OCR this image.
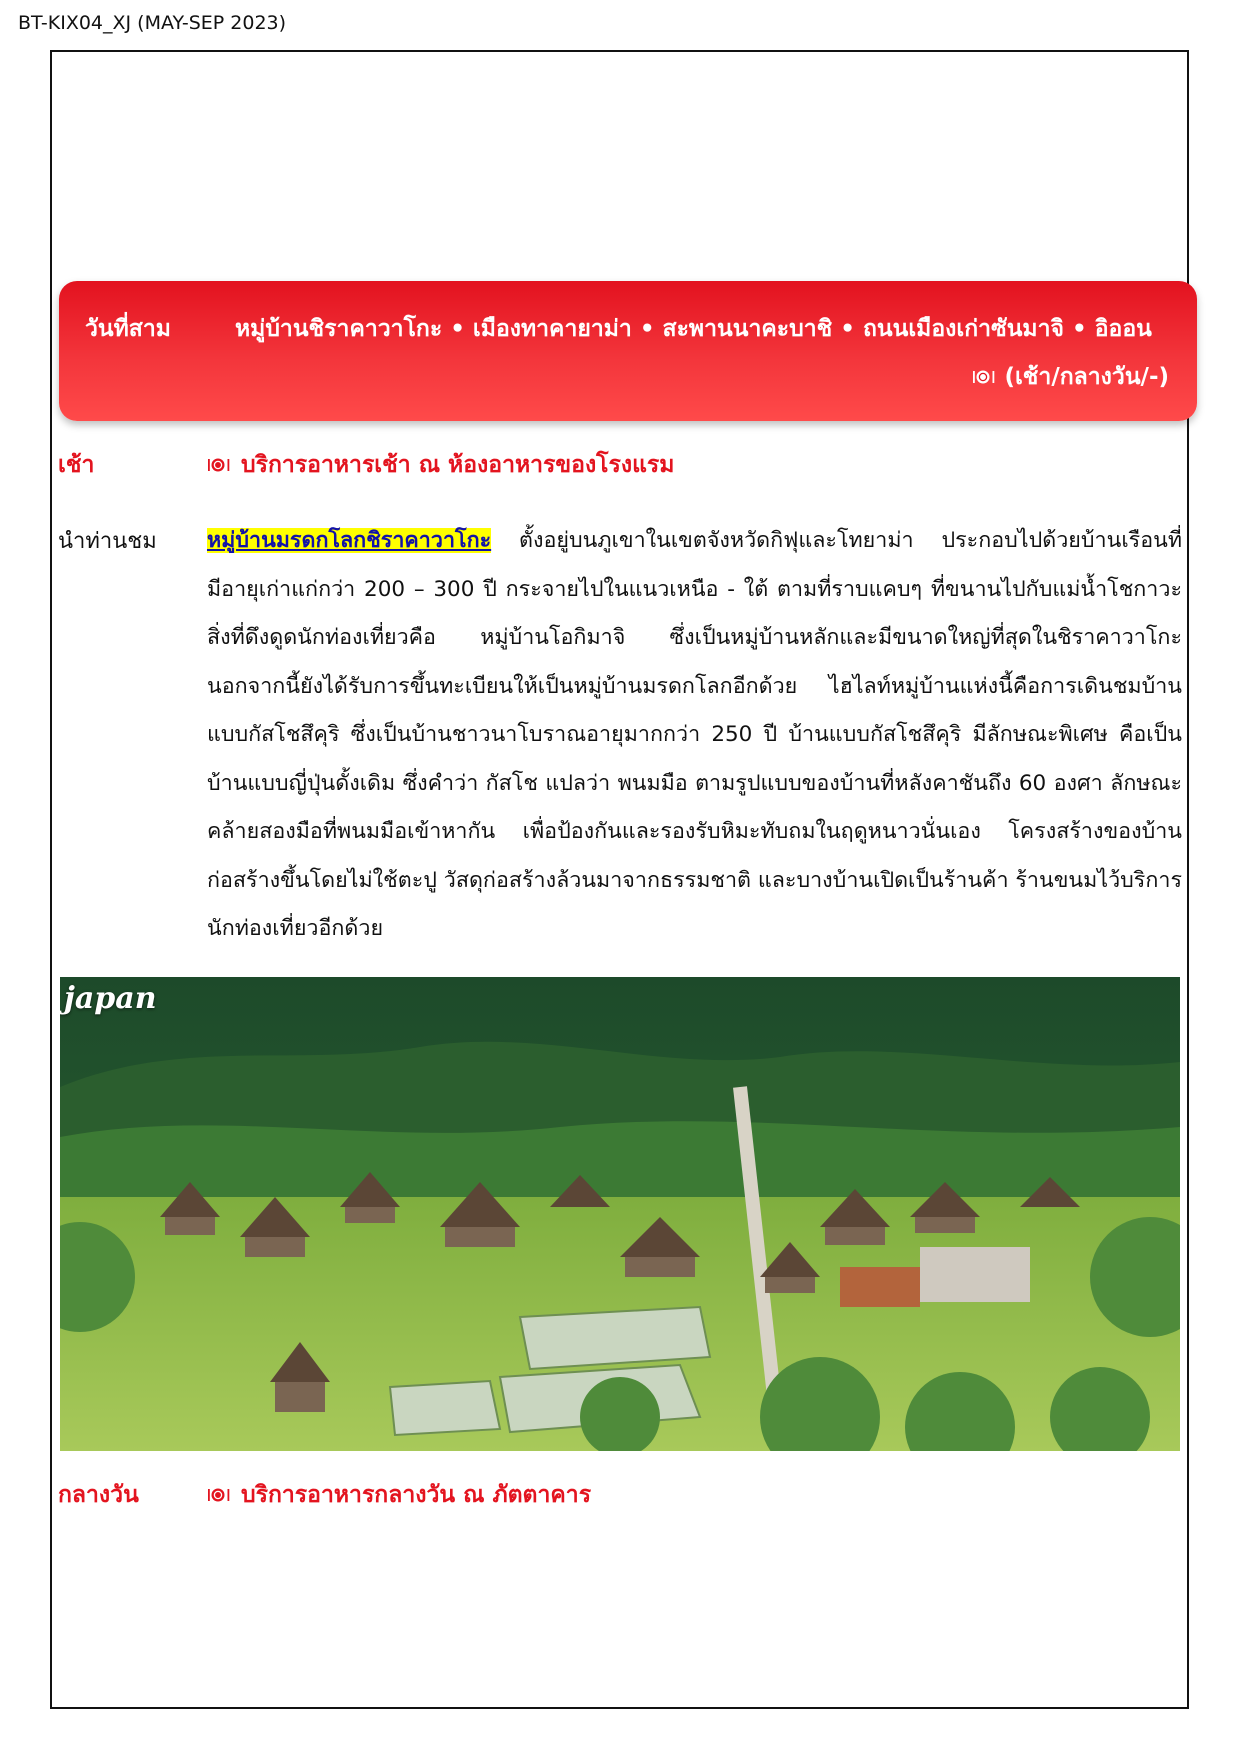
BT-KIX04_XJ (MAY-SEP 2023)
วันที่สาม	หมู่บ้านชิราคาวาโกะ • เมืองทาคายาม่า • สะพานนาคะบาชิ • ถนนเมืองเก่าซันมาจิ • อิออน
(เช้า/กลางวัน/-)
เช้า	บริการอาหารเช้า ณ ห้องอาหารของโรงแรม
นำท่านชม หมู่บ้านมรดกโลกชิราคาวาโกะ ตั้งอยู่บนภูเขาในเขตจังหวัดกิฟุและโทยาม่า ประกอบไปด้วยบ้านเรือนที่มีอายุเก่าแก่กว่า 200 – 300 ปี กระจายไปในแนวเหนือ - ใต้ ตามที่ราบแคบๆ ที่ขนานไปกับแม่น้ำโชกาวะ สิ่งที่ดึงดูดนักท่องเที่ยวคือ หมู่บ้านโอกิมาจิ ซึ่งเป็นหมู่บ้านหลักและมีขนาดใหญ่ที่สุดในชิราคาวาโกะ นอกจากนี้ยังได้รับการขึ้นทะเบียนให้เป็นหมู่บ้านมรดกโลกอีกด้วย ไฮไลท์หมู่บ้านแห่งนี้คือการเดินชมบ้านแบบกัสโชสึคุริ ซึ่งเป็นบ้านชาวนาโบราณอายุมากกว่า 250 ปี บ้านแบบกัสโชสึคุริ มีลักษณะพิเศษ คือเป็นบ้านแบบญี่ปุ่นดั้งเดิม ซึ่งคำว่า กัสโช แปลว่า พนมมือ ตามรูปแบบของบ้านที่หลังคาชันถึง 60 องศา ลักษณะคล้ายสองมือที่พนมมือเข้าหากัน เพื่อป้องกันและรองรับหิมะทับถมในฤดูหนาวนั่นเอง โครงสร้างของบ้านก่อสร้างขึ้นโดยไม่ใช้ตะปู วัสดุก่อสร้างล้วนมาจากธรรมชาติ และบางบ้านเปิดเป็นร้านค้า ร้านขนมไว้บริการนักท่องเที่ยวอีกด้วย
japan
กลางวัน	บริการอาหารกลางวัน ณ ภัตตาคาร
